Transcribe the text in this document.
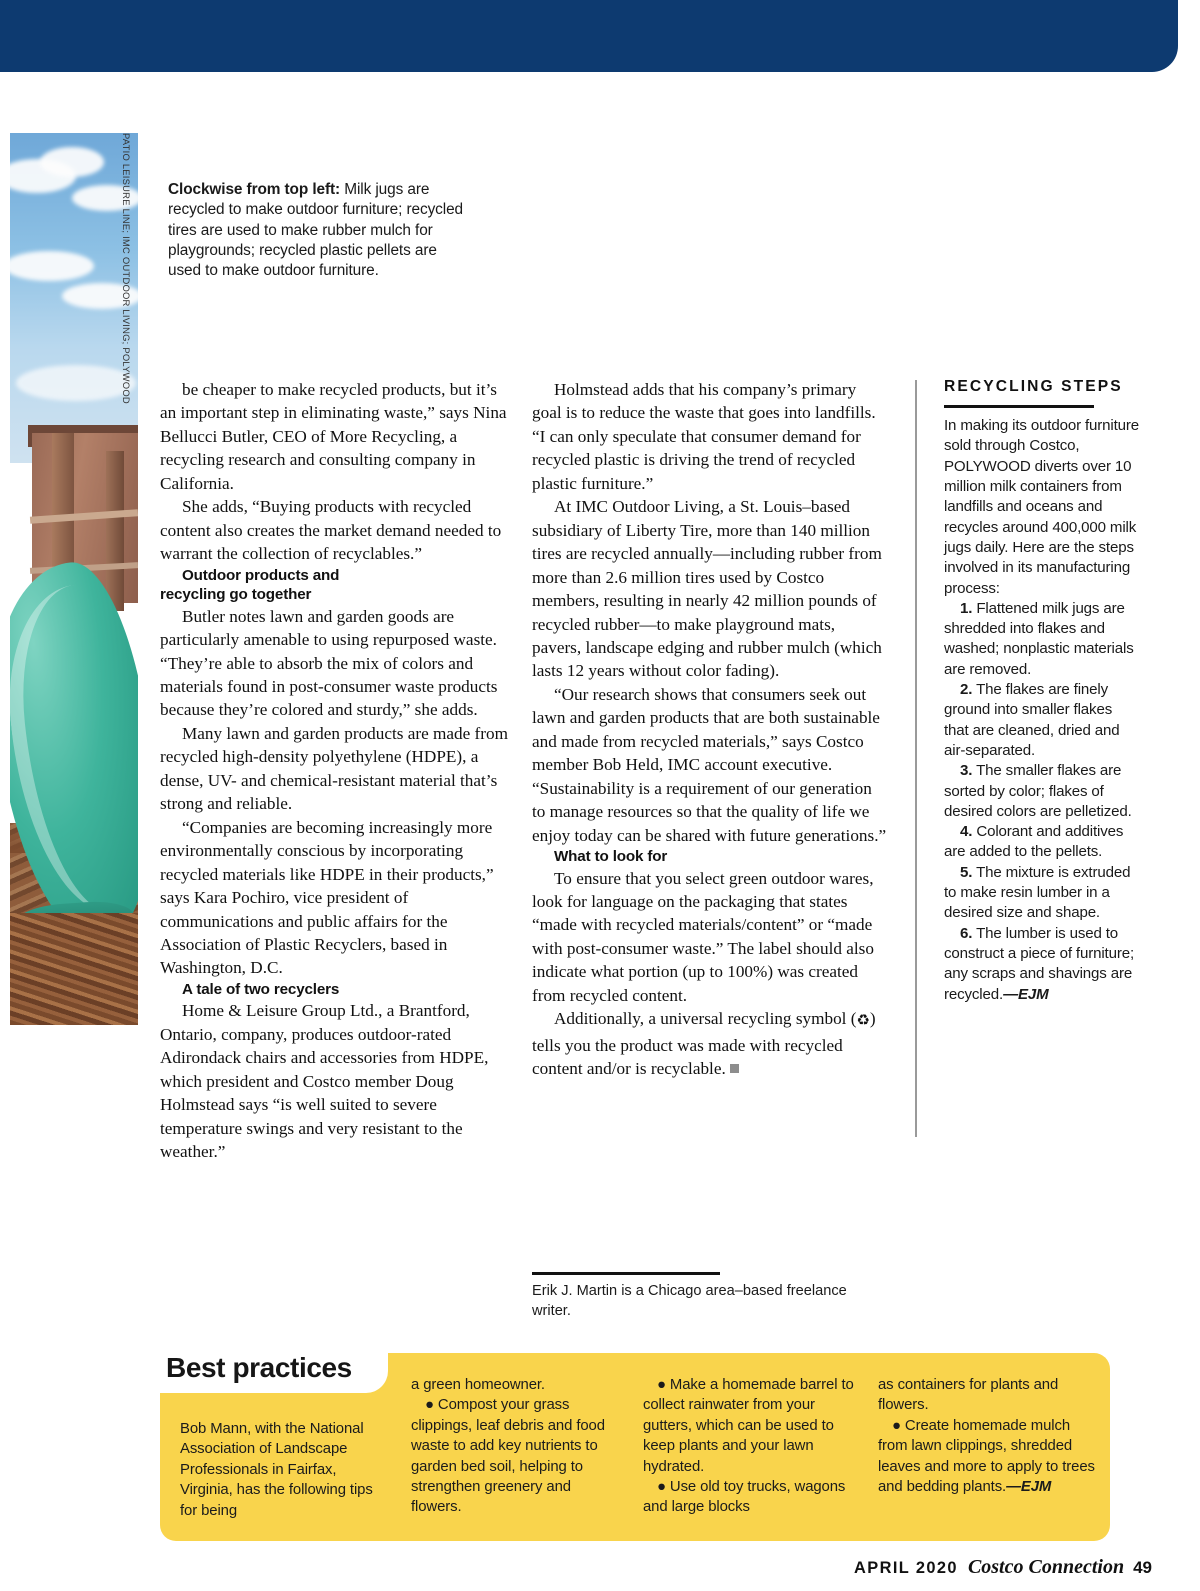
PATIO LEISURE LINE; IMC OUTDOOR LIVING; POLYWOOD Clockwise from top left: Milk jugs are recycled to make outdoor furniture; recycled tires are used to make rubber mulch for playgrounds; recycled plastic pellets are used to make outdoor furniture.

be cheaper to make recycled products, but it’s an important step in eliminating waste,” says Nina Bellucci Butler, CEO of More Recycling, a recycling research and consulting company in California.

She adds, “Buying products with recycled content also creates the market demand needed to warrant the collection of recyclables.”

Outdoor products and
recycling go together

Butler notes lawn and garden goods are particularly amenable to using repurposed waste. “They’re able to absorb the mix of colors and materials found in post-consumer waste products because they’re colored and sturdy,” she adds.

Many lawn and garden products are made from recycled high-density polyethylene (HDPE), a dense, UV- and chemical-resistant material that’s strong and reliable.

“Companies are becoming increasingly more environmentally conscious by incorporating recycled materials like HDPE in their products,” says Kara Pochiro, vice president of communications and public affairs for the Association of Plastic Recyclers, based in Washington, D.C.

A tale of two recyclers

Home & Leisure Group Ltd., a Brantford, Ontario, company, produces outdoor-rated Adirondack chairs and accessories from HDPE, which president and Costco member Doug Holmstead says “is well suited to severe temperature swings and very resistant to the weather.”

Holmstead adds that his company’s primary goal is to reduce the waste that goes into landfills. “I can only speculate that consumer demand for recycled plastic is driving the trend of recycled plastic furniture.”

At IMC Outdoor Living, a St. Louis–based subsidiary of Liberty Tire, more than 140 million tires are recycled annually—including rubber from more than 2.6 million tires used by Costco members, resulting in nearly 42 million pounds of recycled rubber—to make playground mats, pavers, landscape edging and rubber mulch (which lasts 12 years without color fading).

“Our research shows that consumers seek out lawn and garden products that are both sustainable and made from recycled materials,” says Costco member Bob Held, IMC account executive. “Sustainability is a requirement of our generation to manage resources so that the quality of life we enjoy today can be shared with future generations.”

What to look for

To ensure that you select green outdoor wares, look for language on the packaging that states “made with recycled materials/content” or “made with post-consumer waste.” The label should also indicate what portion (up to 100%) was created from recycled content.

Additionally, a universal recycling symbol (♻) tells you the product was made with recycled content and/or is recyclable.

Erik J. Martin is a Chicago area–based freelance writer.
RECYCLING STEPS

In making its outdoor furniture sold through Costco, POLYWOOD diverts over 10 million milk containers from landfills and oceans and recycles around 400,000 milk jugs daily. Here are the steps involved in its manufacturing process:

1. Flattened milk jugs are shredded into flakes and washed; nonplastic materials are removed.

2. The flakes are finely ground into smaller flakes that are cleaned, dried and air-separated.

3. The smaller flakes are sorted by color; flakes of desired colors are pelletized.

4. Colorant and additives are added to the pellets.

5. The mixture is extruded to make resin lumber in a desired size and shape.

6. The lumber is used to construct a piece of furniture; any scraps and shavings are recycled.—EJM

Best practices

Bob Mann, with the National Association of Landscape Professionals in Fairfax, Virginia, has the following tips for being

a green homeowner.

● Compost your grass clippings, leaf debris and food waste to add key nutrients to garden bed soil, helping to strengthen greenery and flowers.

● Make a homemade barrel to collect rainwater from your gutters, which can be used to keep plants and your lawn hydrated.

● Use old toy trucks, wagons and large blocks

as containers for plants and flowers.

● Create homemade mulch from lawn clippings, shredded leaves and more to apply to trees and bedding plants.—EJM

APRIL 2020 Costco Connection 49
